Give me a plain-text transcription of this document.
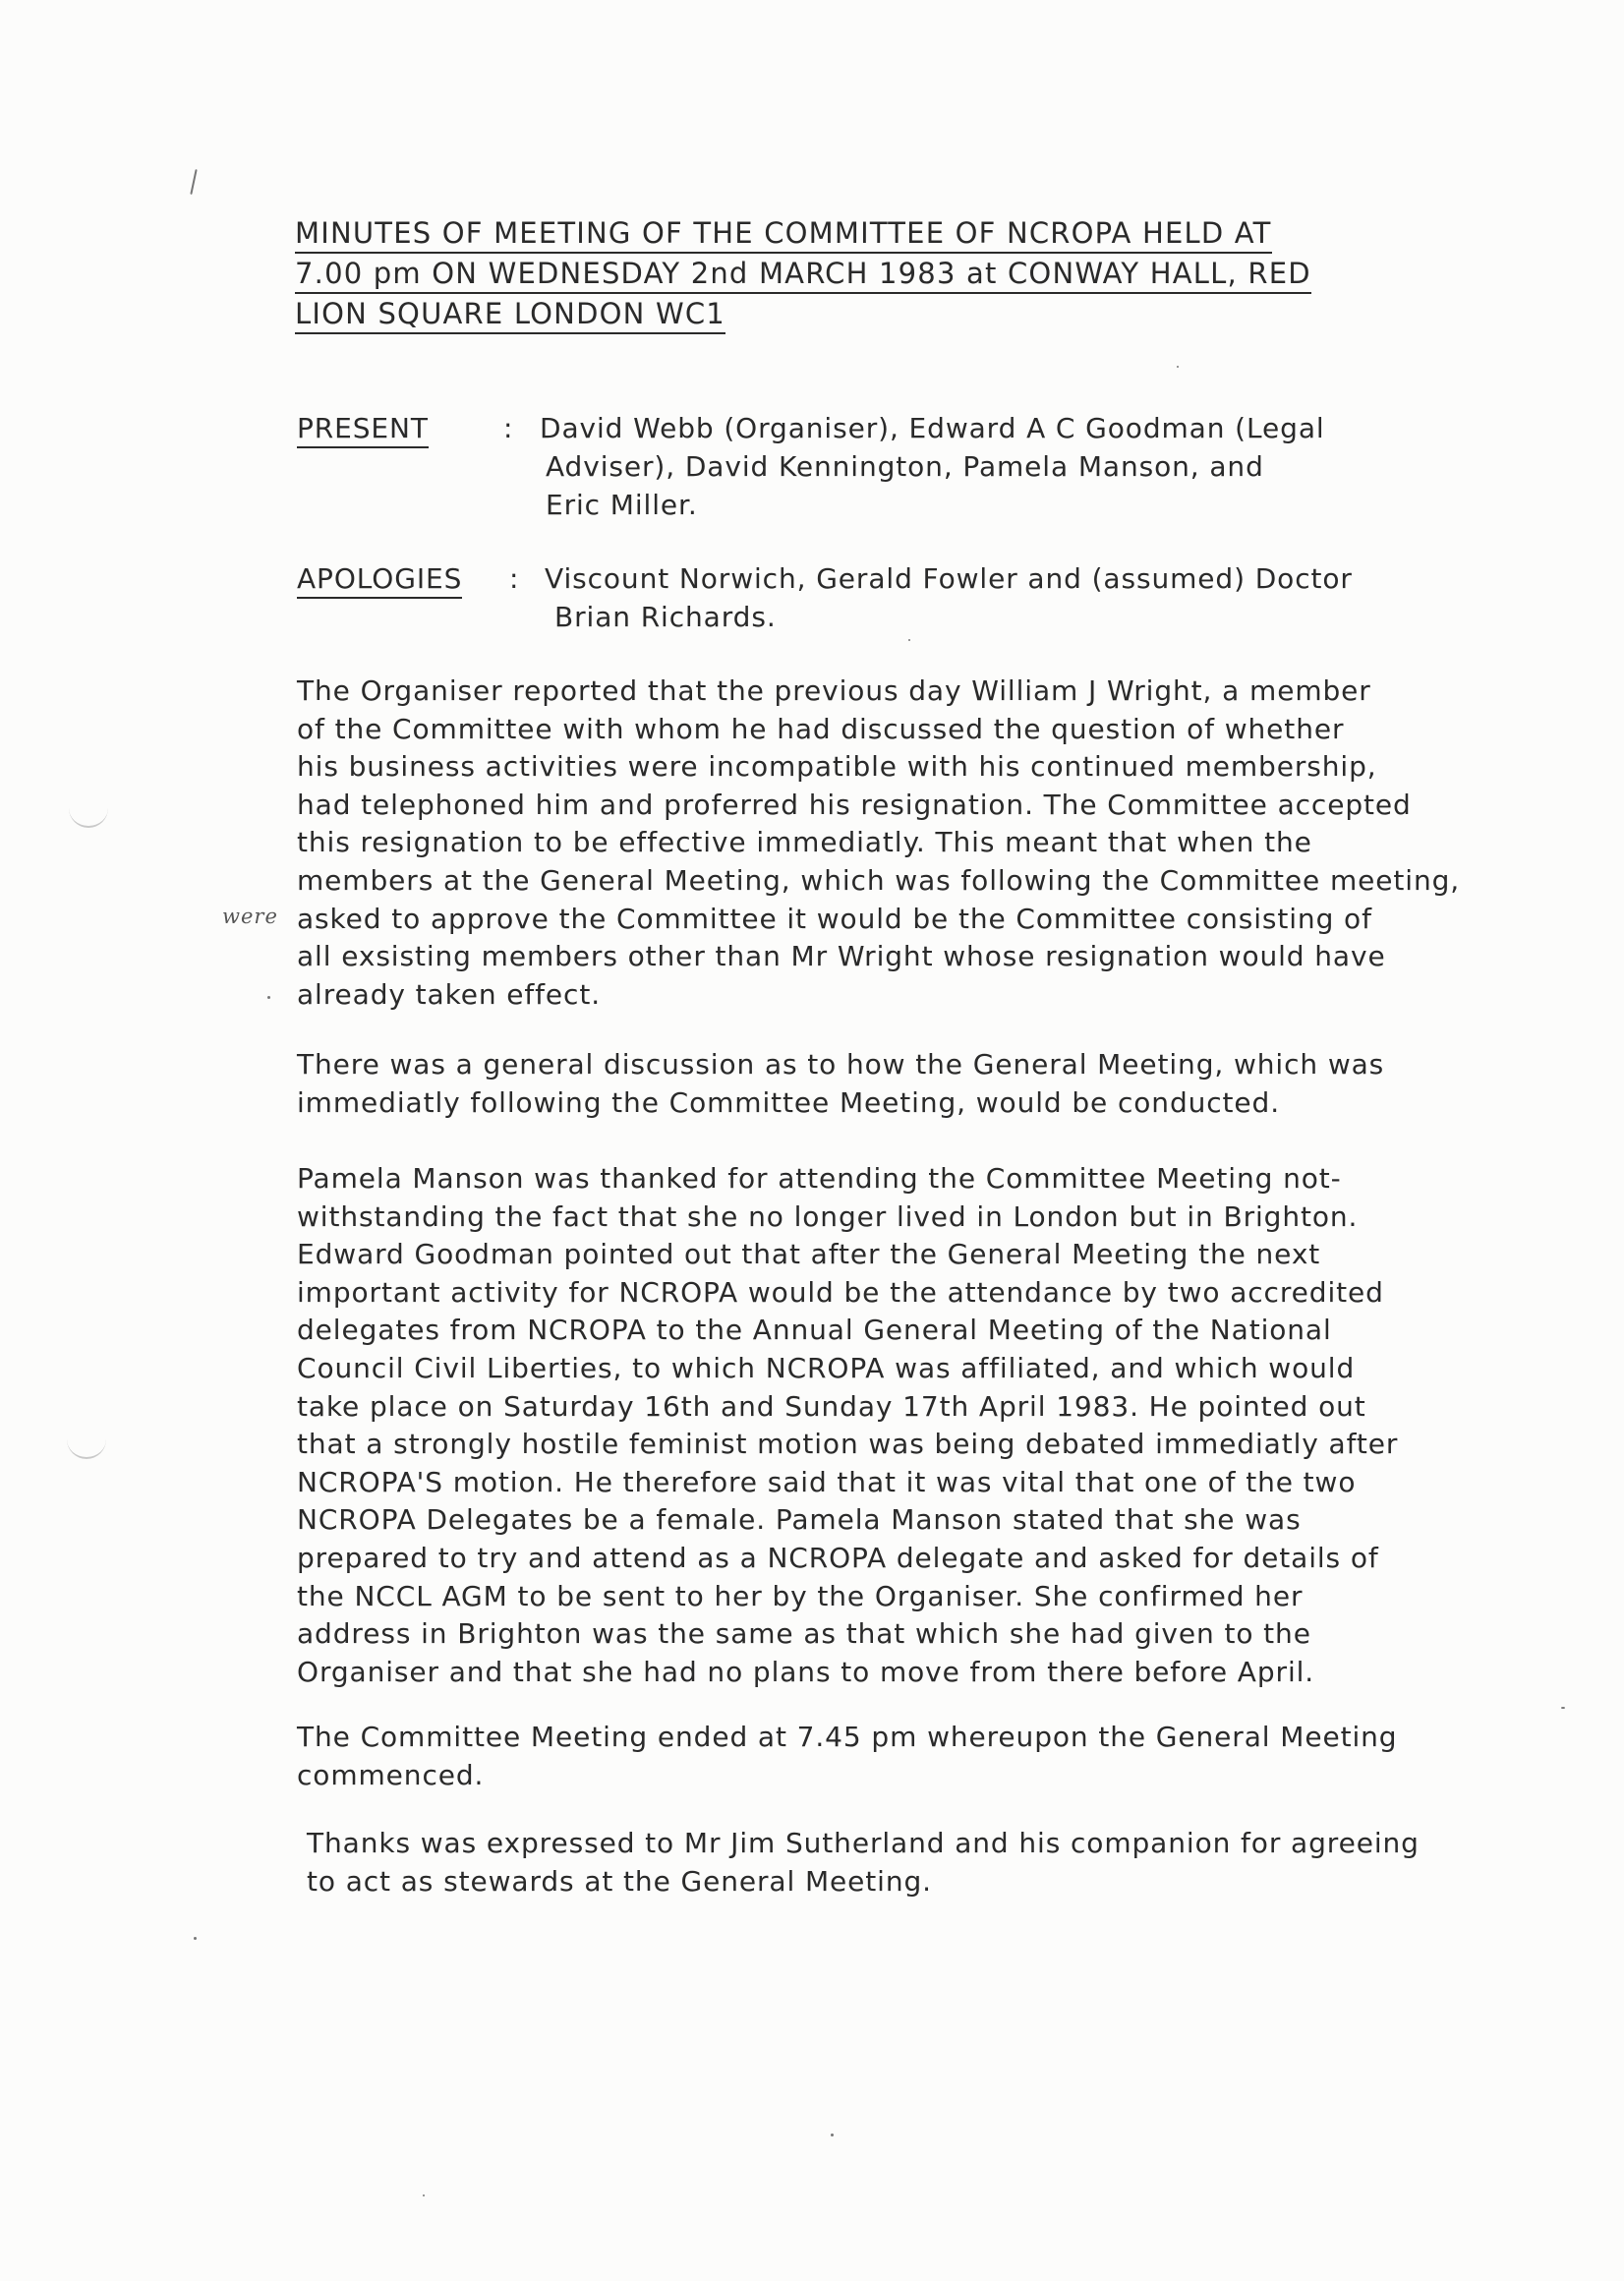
MINUTES OF MEETING OF THE COMMITTEE OF NCROPA HELD AT
7.00 pm ON WEDNESDAY 2nd MARCH 1983 at CONWAY HALL, RED
LION SQUARE LONDON WC1
PRESENT	: David Webb (Organiser), Edward A C Goodman (Legal
Adviser), David Kennington, Pamela Manson, and
Eric Miller.
APOLOGIES : Viscount Norwich, Gerald Fowler and (assumed) Doctor
Brian Richards.
The Organiser reported that the previous day William J Wright, a member
of the Committee with whom he had discussed the question of whether
his business activities were incompatible with his continued membership,
had telephoned him and proferred his resignation. The Committee accepted
this resignation to be effective immediatly. This meant that when the
members at the General Meeting, which was following the Committee meeting,
asked to approve the Committee it would be the Committee consisting of
all exsisting members other than Mr Wright whose resignation would have
already taken effect.
There was a general discussion as to how the General Meeting, which was
immediatly following the Committee Meeting, would be conducted.
Pamela Manson was thanked for attending the Committee Meeting not-
withstanding the fact that she no longer lived in London but in Brighton.
Edward Goodman pointed out that after the General Meeting the next
important activity for NCROPA would be the attendance by two accredited
delegates from NCROPA to the Annual General Meeting of the National
Council Civil Liberties, to which NCROPA was affiliated, and which would
take place on Saturday 16th and Sunday 17th April 1983. He pointed out
that a strongly hostile feminist motion was being debated immediatly after
NCROPA'S motion. He therefore said that it was vital that one of the two
NCROPA Delegates be a female. Pamela Manson stated that she was
prepared to try and attend as a NCROPA delegate and asked for details of
the NCCL AGM to be sent to her by the Organiser. She confirmed her
address in Brighton was the same as that which she had given to the
Organiser and that she had no plans to move from there before April.
The Committee Meeting ended at 7.45 pm whereupon the General Meeting
commenced.
Thanks was expressed to Mr Jim Sutherland and his companion for agreeing
to act as stewards at the General Meeting.
were
